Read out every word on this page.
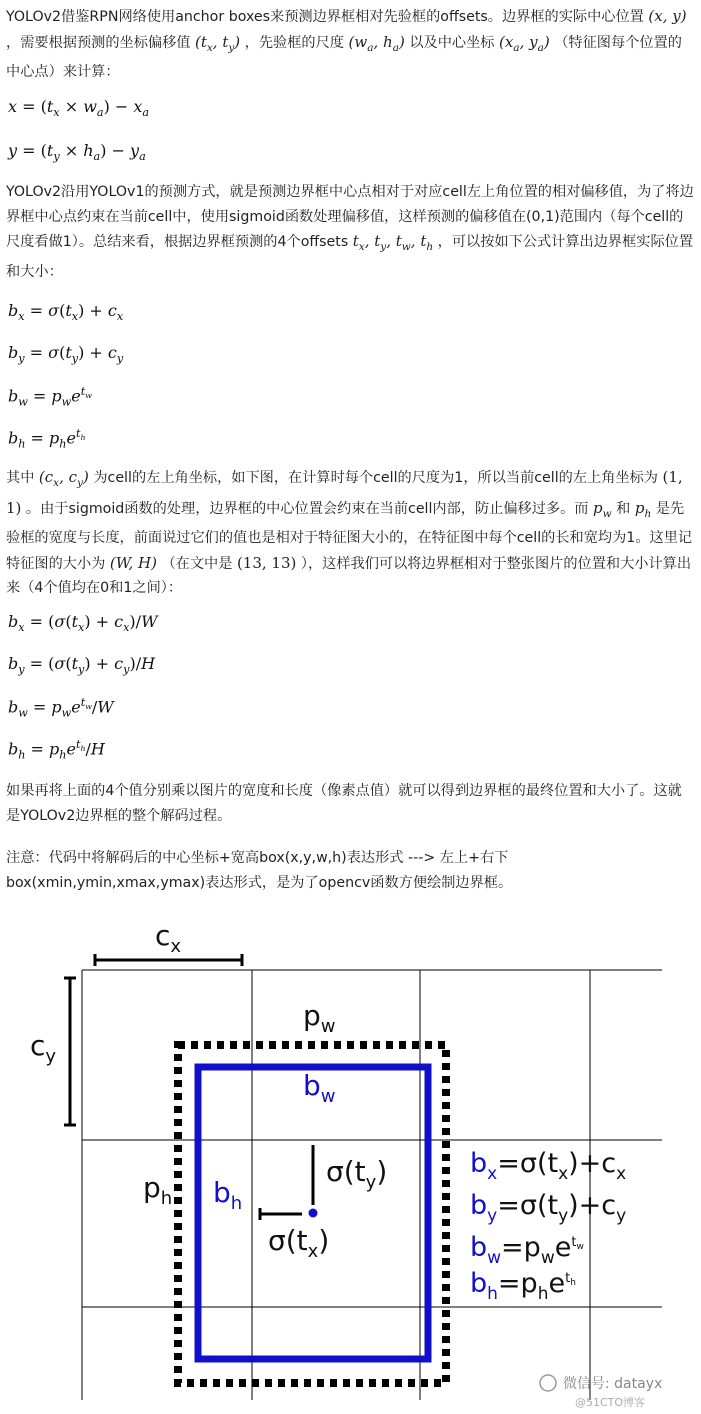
YOLOv2借鉴RPN网络使用anchor boxes来预测边界框相对先验框的offsets。边界框的实际中心位置 (x, y) ，需要根据预测的坐标偏移值 ($t_x$, $t_y$) ，先验框的尺度 ($w_a$, $h_a$) 以及中心坐标 ($x_a$, $y_a$) （特征图每个位置的中心点）来计算：

$x = (t_x \times w_a) - x_a$
$y = (t_y \times h_a) - y_a$

YOLOv2沿用YOLOv1的预测方式，就是预测边界框中心点相对于对应cell左上角位置的相对偏移值，为了将边界框中心点约束在当前cell中，使用sigmoid函数处理偏移值，这样预测的偏移值在(0,1)范围内（每个cell的尺度看做1）。总结来看，根据边界框预测的4个offsets $t_x$, $t_y$, $t_w$, $t_h$ ，可以按如下公式计算出边界框实际位置和大小：

$b_x = \sigma(t_x) + c_x$
$b_y = \sigma(t_y) + c_y$
$b_w = p_we^{t_w}$
$b_h = p_he^{t_h}$

其中 ($c_x$, $c_y$) 为cell的左上角坐标，如下图，在计算时每个cell的尺度为1，所以当前cell的左上角坐标为 (1, 1) 。由于sigmoid函数的处理，边界框的中心位置会约束在当前cell内部，防止偏移过多。而 $p_w$ 和 $p_h$ 是先验框的宽度与长度，前面说过它们的值也是相对于特征图大小的，在特征图中每个cell的长和宽均为1。这里记特征图的大小为 (W, H) （在文中是 (13, 13) ），这样我们可以将边界框相对于整张图片的位置和大小计算出来（4个值均在0和1之间）：

$b_x = (\sigma(t_x) + c_x)/W$
$b_y = (\sigma(t_y) + c_y)/H$
$b_w = p_we^{t_w}/W$
$b_h = p_he^{t_h}/H$

如果再将上面的4个值分别乘以图片的宽度和长度（像素点值）就可以得到边界框的最终位置和大小了。这就是YOLOv2边界框的整个解码过程。

注意：代码中将解码后的中心坐标+宽高box(x,y,w,h)表达形式 ---> 左上+右下box(xmin,ymin,xmax,ymax)表达形式，是为了opencv函数方便绘制边界框。

$c_x$
$c_y$
$p_w$
$p_h$
$b_w$
$b_h$
$\sigma(t_y)$
$\sigma(t_x)$
$b_x=\sigma(t_x)+c_x$
$b_y=\sigma(t_y)+c_y$
$b_w=p_we^tw$
$b_h=p_he^th$
微信号: datayx
@51CTO博客
